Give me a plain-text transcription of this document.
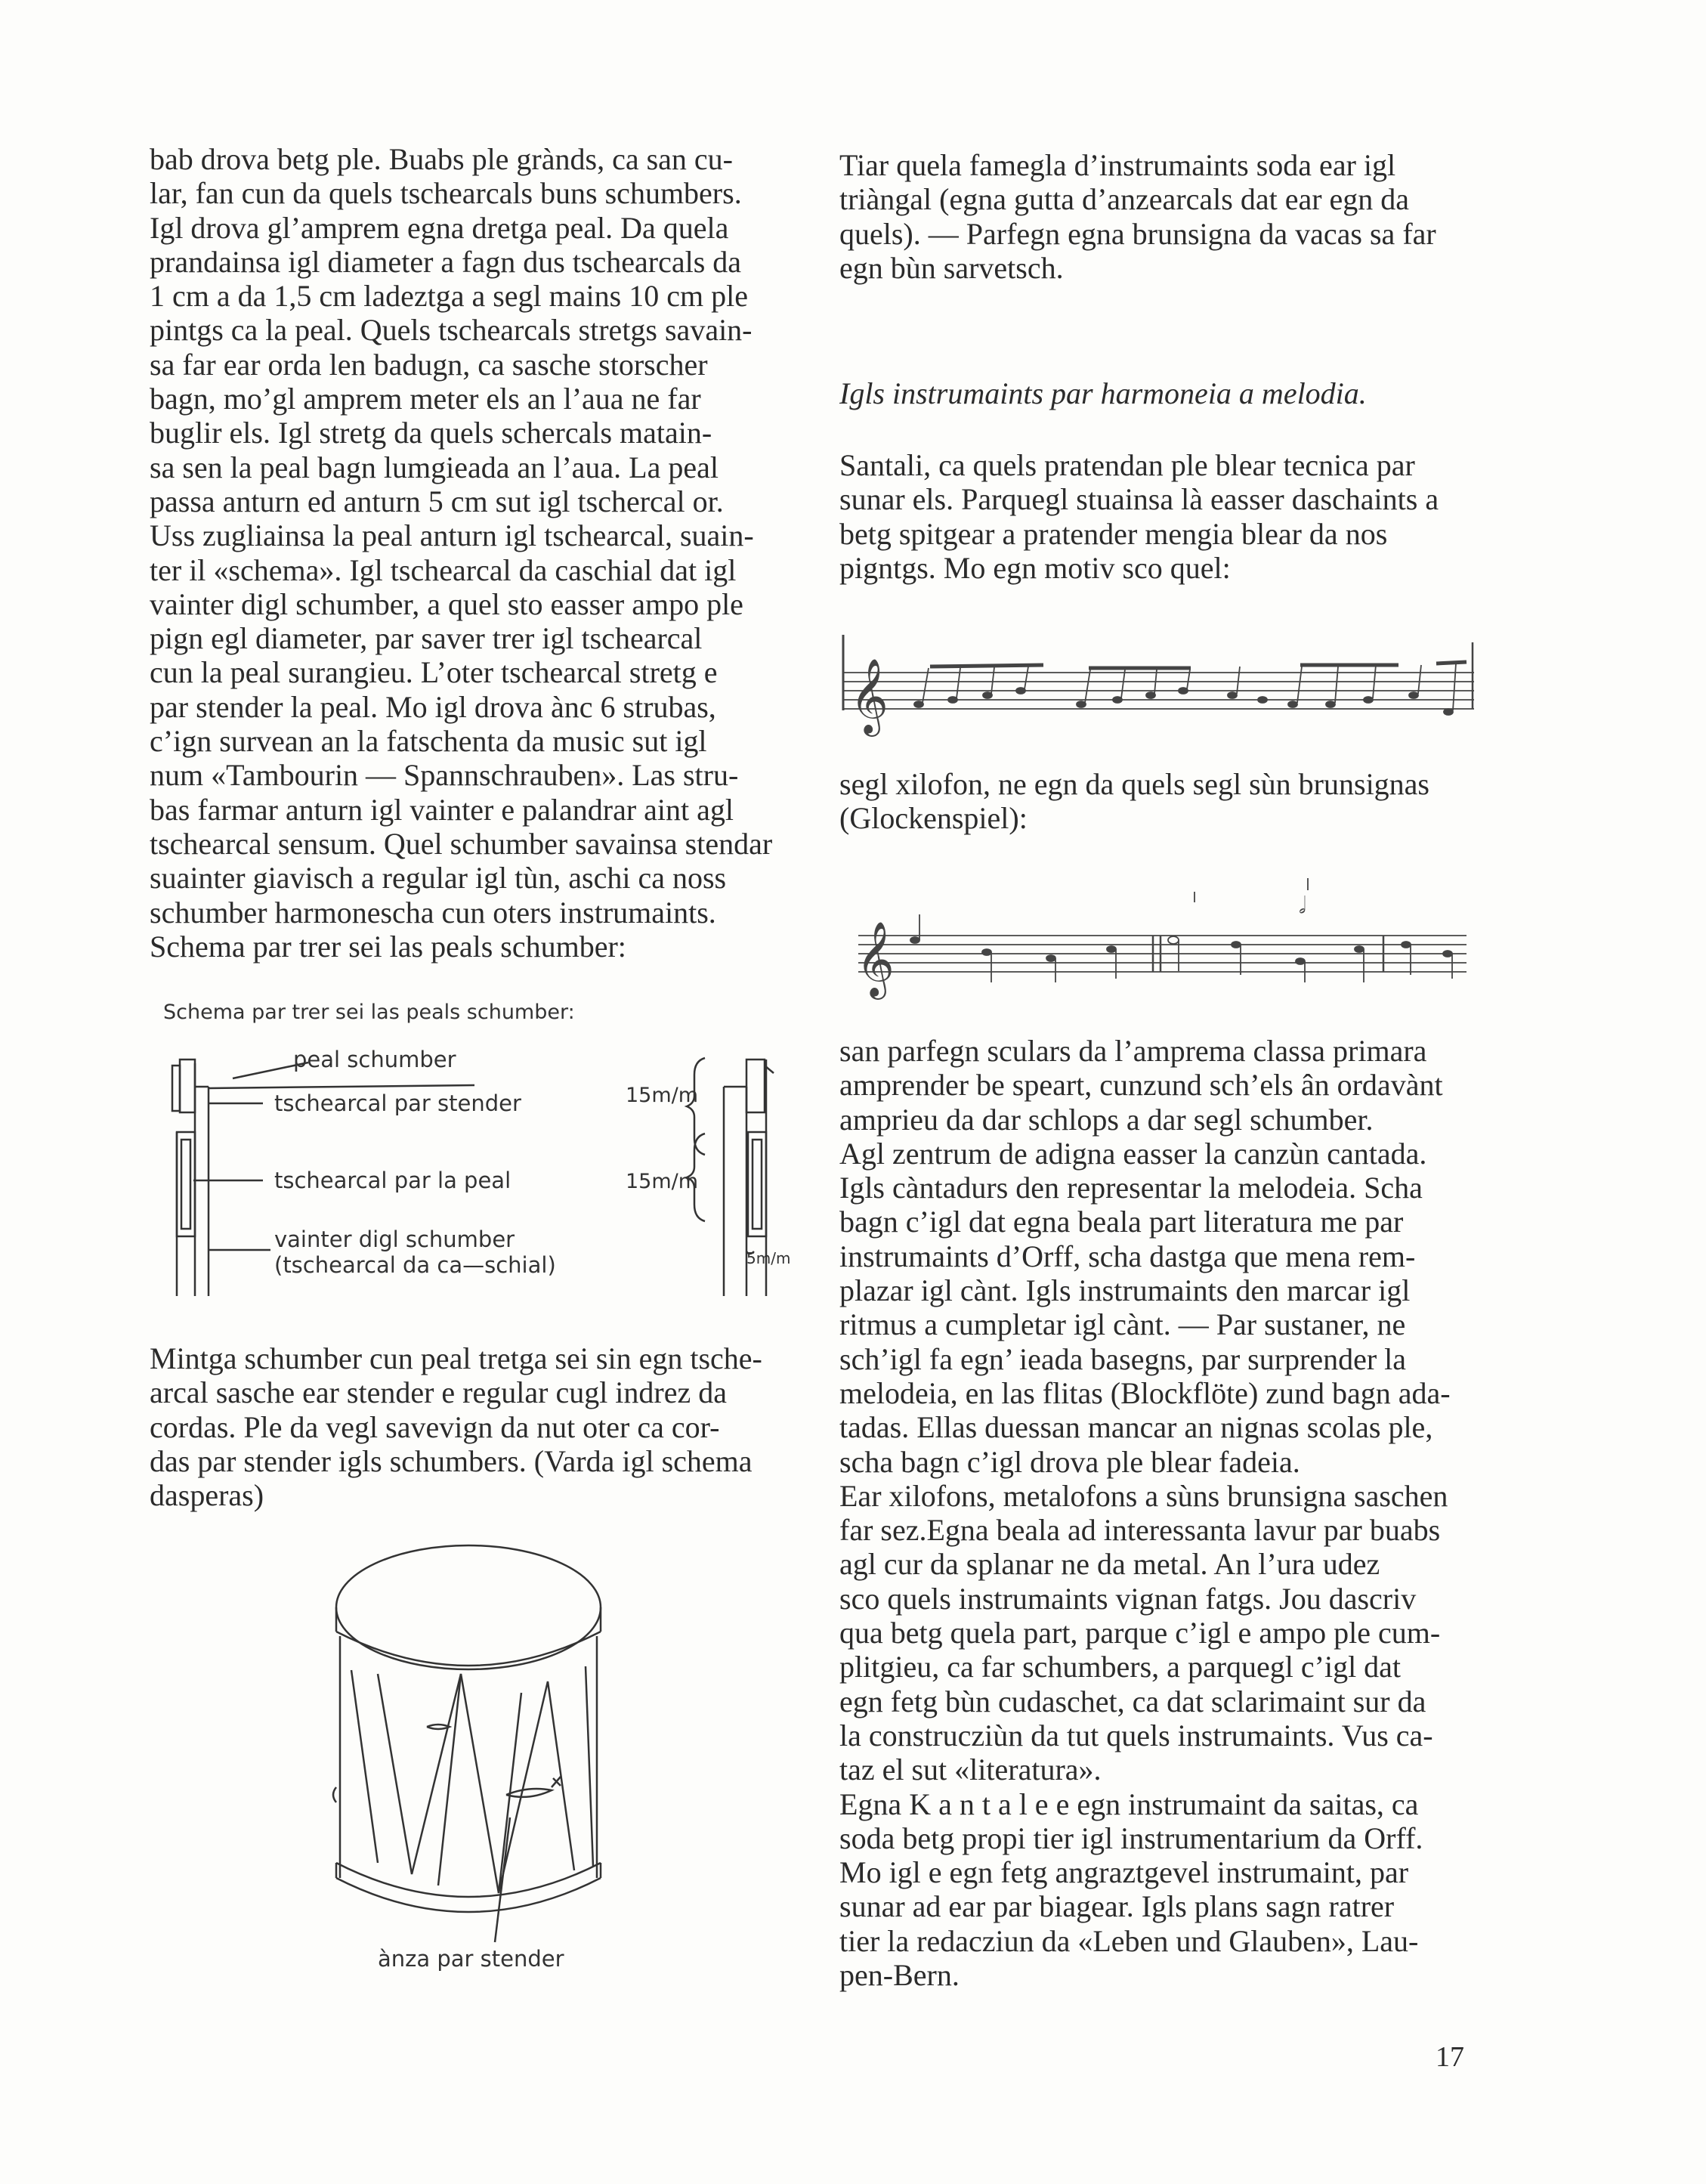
bab drova betg ple. Buabs ple grànds, ca san cu-

lar, fan cun da quels tschearcals buns schumbers.

Igl drova gl’amprem egna dretga peal. Da quela

prandainsa igl diameter a fagn dus tschearcals da

1 cm a da 1,5 cm ladeztga a segl mains 10 cm ple

pintgs ca la peal. Quels tschearcals stretgs savain-

sa far ear orda len badugn, ca sasche storscher

bagn, mo’gl amprem meter els an l’aua ne far

buglir els. Igl stretg da quels schercals matain-

sa sen la peal bagn lumgieada an l’aua. La peal

passa anturn ed anturn 5 cm sut igl tschercal or.

Uss zugliainsa la peal anturn igl tschearcal, suain-

ter il «schema». Igl tschearcal da caschial dat igl

vainter digl schumber, a quel sto easser ampo ple

pign egl diameter, par saver trer igl tschearcal

cun la peal surangieu. L’oter tschearcal stretg e

par stender la peal. Mo igl drova ànc 6 strubas,

c’ign survean an la fatschenta da music sut igl

num «Tambourin — Spannschrauben». Las stru-

bas farmar anturn igl vainter e palandrar aint agl

tschearcal sensum. Quel schumber savainsa stendar

suainter giavisch a regular igl tùn, aschi ca noss

schumber harmonescha cun oters instrumaints.

Schema par trer sei las peals schumber:

Schema par trer sei las peals schumber:
peal schumber
tschearcal par stender
tschearcal par la peal
vainter digl schumber
(tschearcal da ca—schial)
15m/m
15m/m
5m/m

Mintga schumber cun peal tretga sei sin egn tsche-

arcal sasche ear stender e regular cugl indrez da

cordas. Ple da vegl savevign da nut oter ca cor-

das par stender igls schumbers. (Varda igl schema

dasperas)

ànza par stender

Tiar quela famegla d’instrumaints soda ear igl

triàngal (egna gutta d’anzearcals dat ear egn da

quels). — Parfegn egna brunsigna da vacas sa far

egn bùn sarvetsch.

Igls instrumaints par harmoneia a melodia.

Santali, ca quels pratendan ple blear tecnica par

sunar els. Parquegl stuainsa là easser daschaints a

betg spitgear a pratender mengia blear da nos

pigntgs. Mo egn motiv sco quel:

𝄞

segl xilofon, ne egn da quels segl sùn brunsignas

(Glockenspiel):

𝄞
𝅗𝅥

san parfegn sculars da l’amprema classa primara

amprender be speart, cunzund sch’els ân ordavànt

amprieu da dar schlops a dar segl schumber.

Agl zentrum de adigna easser la canzùn cantada.

Igls càntadurs den representar la melodeia. Scha

bagn c’igl dat egna beala part literatura me par

instrumaints d’Orff, scha dastga que mena rem-

plazar igl cànt. Igls instrumaints den marcar igl

ritmus a cumpletar igl cànt. — Par sustaner, ne

sch’igl fa egn’ ieada basegns, par surprender la

melodeia, en las flitas (Blockflöte) zund bagn ada-

tadas. Ellas duessan mancar an nignas scolas ple,

scha bagn c’igl drova ple blear fadeia.

Ear xilofons, metalofons a sùns brunsigna saschen

far sez.Egna beala ad interessanta lavur par buabs

agl cur da splanar ne da metal. An l’ura udez

sco quels instrumaints vignan fatgs. Jou dascriv

qua betg quela part, parque c’igl e ampo ple cum-

plitgieu, ca far schumbers, a parquegl c’igl dat

egn fetg bùn cudaschet, ca dat sclarimaint sur da

la construcziùn da tut quels instrumaints. Vus ca-

taz el sut «literatura».

Egna K a n t a l e e egn instrumaint da saitas, ca

soda betg propi tier igl instrumentarium da Orff.

Mo igl e egn fetg angraztgevel instrumaint, par

sunar ad ear par biagear. Igls plans sagn ratrer

tier la redacziun da «Leben und Glauben», Lau-

pen-Bern.

17
